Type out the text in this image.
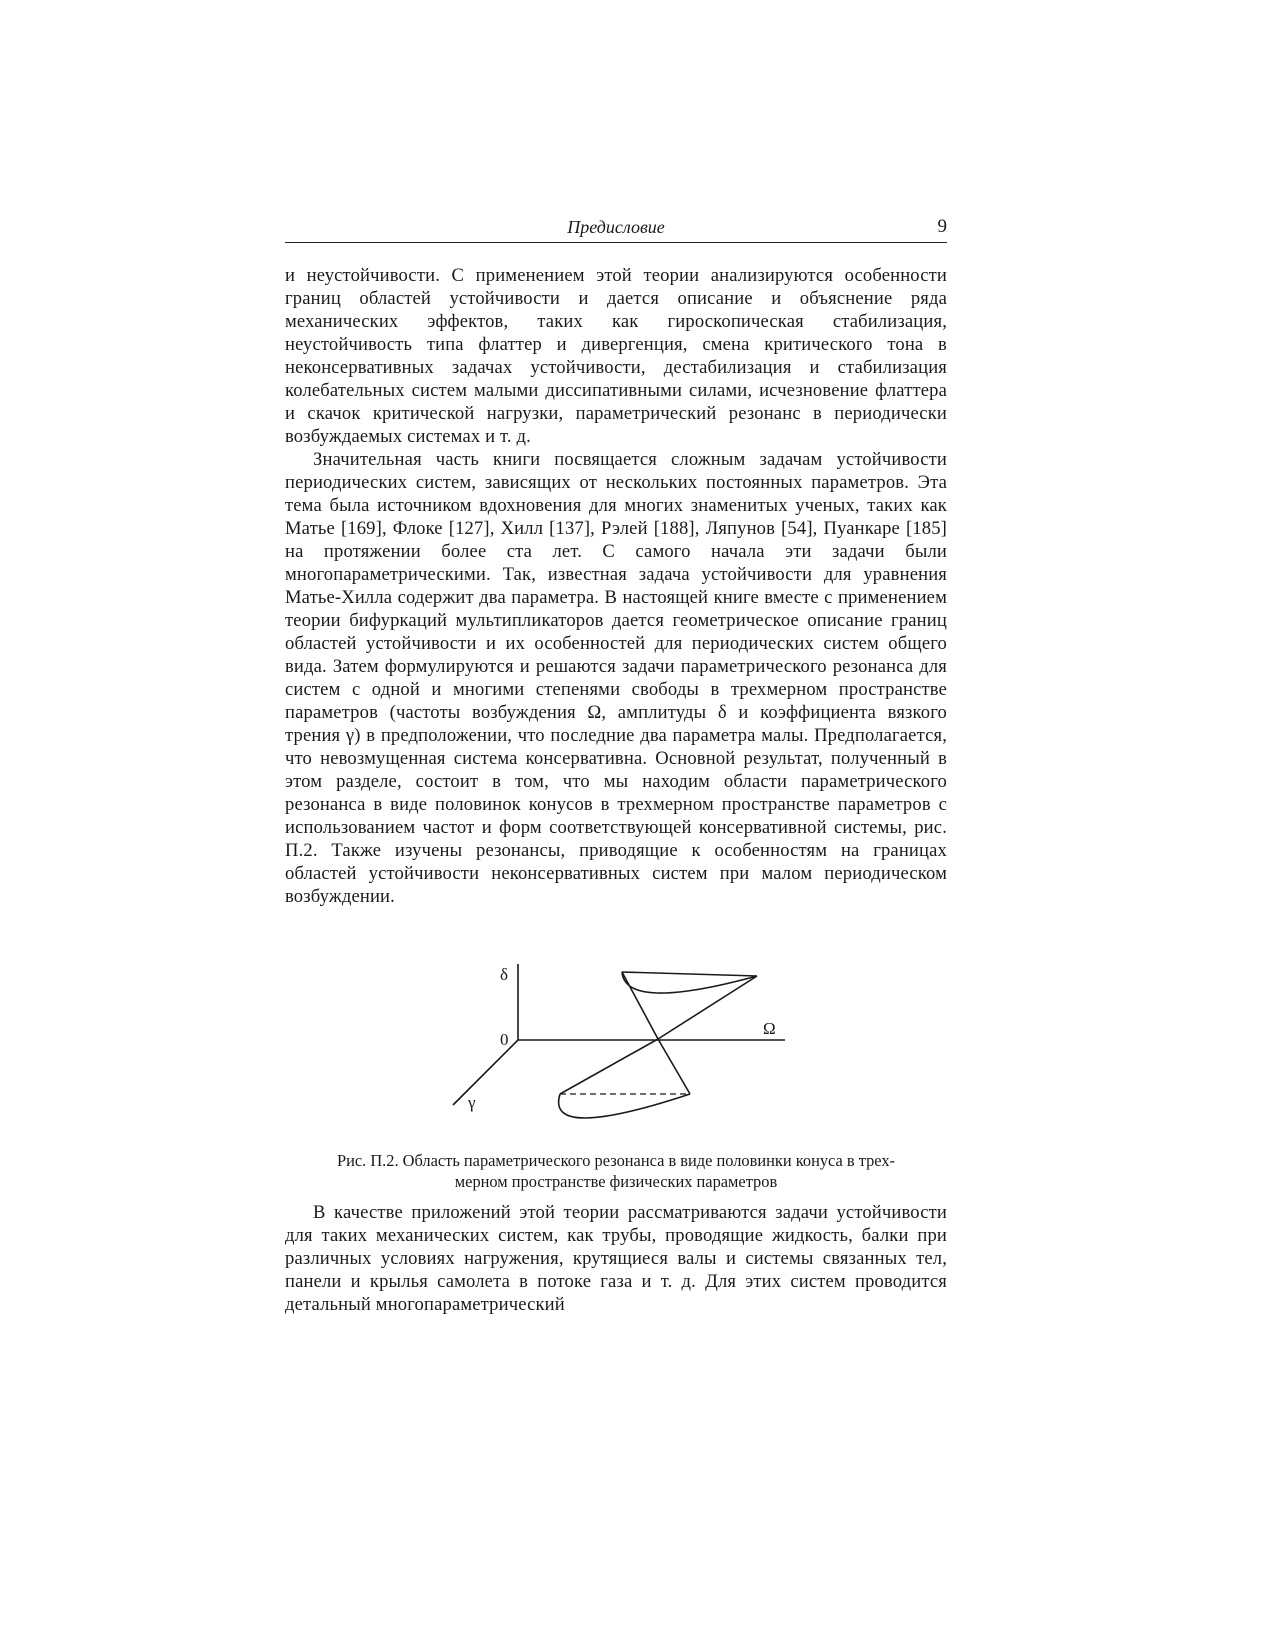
Предисловие	9

и неустойчивости. С применением этой теории анализируются особенности границ областей устойчивости и дается описание и объяснение ряда механических эффектов, таких как гироскопическая стабилизация, неустойчивость типа флаттер и дивергенция, смена критического тона в неконсервативных задачах устойчивости, дестабилизация и стабилизация колебательных систем малыми диссипативными силами, исчезновение флаттера и скачок критической нагрузки, параметрический резонанс в периодически возбуждаемых системах и т. д.

Значительная часть книги посвящается сложным задачам устойчивости периодических систем, зависящих от нескольких постоянных параметров. Эта тема была источником вдохновения для многих знаменитых ученых, таких как Матье [169], Флоке [127], Хилл [137], Рэлей [188], Ляпунов [54], Пуанкаре [185] на протяжении более ста лет. С самого начала эти задачи были многопараметрическими. Так, известная задача устойчивости для уравнения Матье-Хилла содержит два параметра. В настоящей книге вместе с применением теории бифуркаций мультипликаторов дается геометрическое описание границ областей устойчивости и их особенностей для периодических систем общего вида. Затем формулируются и решаются задачи параметрического резонанса для систем с одной и многими степенями свободы в трехмерном пространстве параметров (частоты возбуждения Ω, амплитуды δ и коэффициента вязкого трения γ) в предположении, что последние два параметра малы. Предполагается, что невозмущенная система консервативна. Основной результат, полученный в этом разделе, состоит в том, что мы находим области параметрического резонанса в виде половинок конусов в трехмерном пространстве параметров с использованием частот и форм соответствующей консервативной системы, рис. П.2. Также изучены резонансы, приводящие к особенностям на границах областей устойчивости неконсервативных систем при малом периодическом возбуждении.

δ
0
Ω
γ
Рис. П.2. Область параметрического резонанса в виде половинки конуса в трех-
мерном пространстве физических параметров

В качестве приложений этой теории рассматриваются задачи устойчивости для таких механических систем, как трубы, проводящие жидкость, балки при различных условиях нагружения, крутящиеся валы и системы связанных тел, панели и крылья самолета в потоке газа и т. д. Для этих систем проводится детальный многопараметрический
